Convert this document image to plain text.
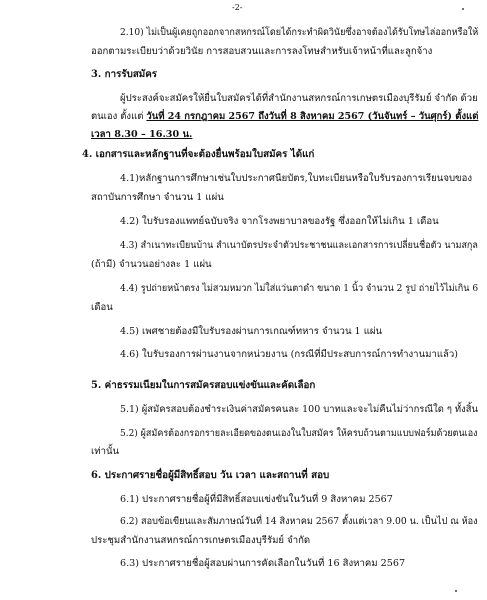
-2-
2.10) ไม่เป็นผู้เคยถูกออกจากสหกรณ์โดยได้กระทำผิดวินัยซึ่งอาจต้องได้รับโทษไล่ออกหรือให้
ออกตามระเบียบว่าด้วยวินัย การสอบสวนและการลงโทษสำหรับเจ้าหน้าที่และลูกจ้าง
3. การรับสมัคร
ผู้ประสงค์จะสมัครให้ยื่นใบสมัครได้ที่สำนักงานสหกรณ์การเกษตรเมืองบุรีรัมย์ จำกัด ด้วย
ตนเอง ตั้งแต่ วันที่ 24 กรกฎาคม 2567 ถึงวันที่ 8 สิงหาคม 2567 (วันจันทร์ – วันศุกร์) ตั้งแต่
เวลา 8.30 – 16.30 น.
4. เอกสารและหลักฐานที่จะต้องยื่นพร้อมใบสมัคร ได้แก่
4.1)หลักฐานการศึกษาเช่นใบประกาศนียบัตร,ใบทะเบียนหรือใบรับรองการเรียนจบของ
สถาบันการศึกษา จำนวน 1 แผ่น
4.2) ใบรับรองแพทย์ฉบับจริง จากโรงพยาบาลของรัฐ ซึ่งออกให้ไม่เกิน 1 เดือน
4.3) สำเนาทะเบียนบ้าน สำเนาบัตรประจำตัวประชาชนและเอกสารการเปลี่ยนชื่อตัว นามสกุล
(ถ้ามี) จำนวนอย่างละ 1 แผ่น
4.4) รูปถ่ายหน้าตรง ไม่สวมหมวก ไม่ใส่แว่นตาดำ ขนาด 1 นิ้ว จำนวน 2 รูป ถ่ายไว้ไม่เกิน 6
เดือน
4.5) เพศชายต้องมีใบรับรองผ่านการเกณฑ์ทหาร จำนวน 1 แผ่น
4.6) ใบรับรองการผ่านงานจากหน่วยงาน (กรณีที่มีประสบการณ์การทำงานมาแล้ว)
5. ค่าธรรมเนียมในการสมัครสอบแข่งขันและคัดเลือก
5.1) ผู้สมัครสอบต้องชำระเงินค่าสมัครคนละ 100 บาทและจะไม่คืนไม่ว่ากรณีใด ๆ ทั้งสิ้น
5.2) ผู้สมัครต้องกรอกรายละเอียดของตนเองในใบสมัคร ให้ครบถ้วนตามแบบฟอร์มด้วยตนเอง
เท่านั้น
6. ประกาศรายชื่อผู้มีสิทธิ์สอบ วัน เวลา และสถานที่ สอบ
6.1) ประกาศรายชื่อผู้ที่มีสิทธิ์สอบแข่งขันในวันที่ 9 สิงหาคม 2567
6.2) สอบข้อเขียนและสัมภาษณ์วันที่ 14 สิงหาคม 2567 ตั้งแต่เวลา 9.00 น. เป็นไป ณ ห้อง
ประชุมสำนักงานสหกรณ์การเกษตรเมืองบุรีรัมย์ จำกัด
6.3) ประกาศรายชื่อผู้สอบผ่านการคัดเลือกในวันที่ 16 สิงหาคม 2567
